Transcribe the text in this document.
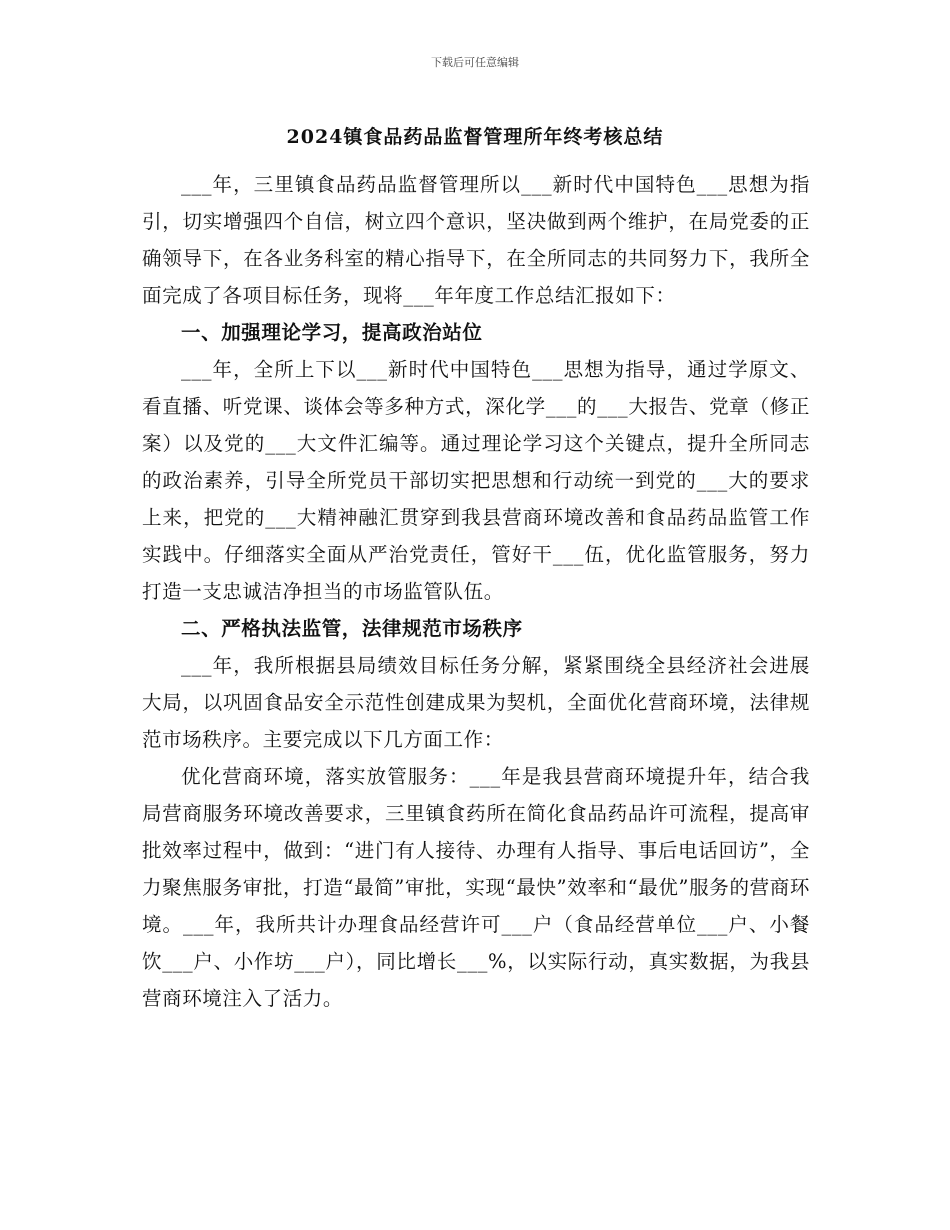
下载后可任意编辑
2024镇食品药品监督管理所年终考核总结

___年，三里镇食品药品监督管理所以___新时代中国特色___思想为指引，切实增强四个自信，树立四个意识，坚决做到两个维护，在局党委的正确领导下，在各业务科室的精心指导下，在全所同志的共同努力下，我所全面完成了各项目标任务，现将___年年度工作总结汇报如下：

一、加强理论学习，提高政治站位

___年，全所上下以___新时代中国特色___思想为指导，通过学原文、看直播、听党课、谈体会等多种方式，深化学___的___大报告、党章（修正案）以及党的___大文件汇编等。通过理论学习这个关键点，提升全所同志的政治素养，引导全所党员干部切实把思想和行动统一到党的___大的要求上来，把党的___大精神融汇贯穿到我县营商环境改善和食品药品监管工作实践中。仔细落实全面从严治党责任，管好干___伍，优化监管服务，努力打造一支忠诚洁净担当的市场监管队伍。

二、严格执法监管，法律规范市场秩序

___年，我所根据县局绩效目标任务分解，紧紧围绕全县经济社会进展大局，以巩固食品安全示范性创建成果为契机，全面优化营商环境，法律规范市场秩序。主要完成以下几方面工作：

优化营商环境，落实放管服务：___年是我县营商环境提升年，结合我局营商服务环境改善要求，三里镇食药所在简化食品药品许可流程，提高审批效率过程中，做到：“进门有人接待、办理有人指导、事后电话回访”，全力聚焦服务审批，打造“最简”审批，实现“最快”效率和“最优”服务的营商环境。___年，我所共计办理食品经营许可___户（食品经营单位___户、小餐饮___户、小作坊___户），同比增长___%，以实际行动，真实数据，为我县营商环境注入了活力。
